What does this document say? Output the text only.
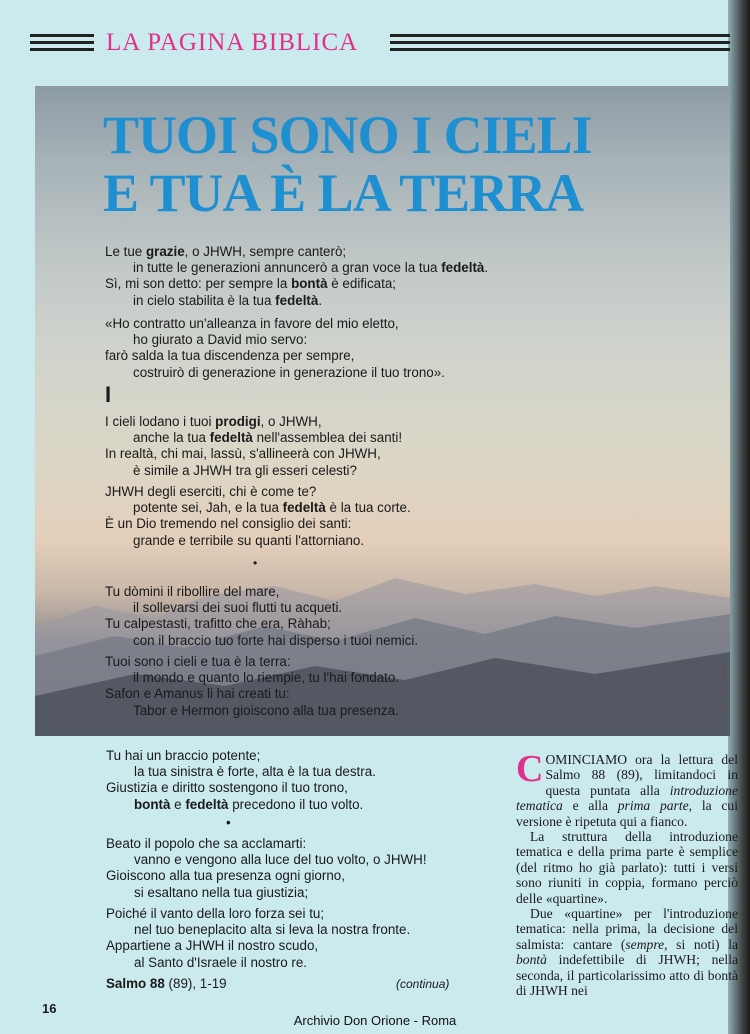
LA PAGINA BIBLICA
TUOI SONO I CIELI
E TUA È LA TERRA

Le tue grazie, o JHWH, sempre canterò;

in tutte le generazioni annuncerò a gran voce la tua fedeltà.

Sì, mi son detto: per sempre la bontà è edificata;

in cielo stabilita è la tua fedeltà.

«Ho contratto un'alleanza in favore del mio eletto,

ho giurato a David mio servo:

farò salda la tua discendenza per sempre,

costruirò di generazione in generazione il tuo trono».

I

I cieli lodano i tuoi prodigi, o JHWH,

anche la tua fedeltà nell'assemblea dei santi!

In realtà, chi mai, lassù, s'allineerà con JHWH,

è simile a JHWH tra gli esseri celesti?

JHWH degli eserciti, chi è come te?

potente sei, Jah, e la tua fedeltà è la tua corte.

È un Dio tremendo nel consiglio dei santi:

grande e terribile su quanti l'attorniano.

•

Tu dòmini il ribollire del mare,

il sollevarsi dei suoi flutti tu acqueti.

Tu calpestasti, trafitto che era, Ràhab;

con il braccio tuo forte hai disperso i tuoi nemici.

Tuoi sono i cieli e tua è la terra:

il mondo e quanto lo riempie, tu l'hai fondato.

Safon e Amanus li hai creati tu:

Tabor e Hermon gioiscono alla tua presenza.	Foto F. Voghera

Tu hai un braccio potente;

la tua sinistra è forte, alta è la tua destra.

Giustizia e diritto sostengono il tuo trono,

bontà e fedeltà precedono il tuo volto.

•

Beato il popolo che sa acclamarti:

vanno e vengono alla luce del tuo volto, o JHWH!

Gioiscono alla tua presenza ogni giorno,

si esaltano nella tua giustizia;

Poiché il vanto della loro forza sei tu;

nel tuo beneplacito alta si leva la nostra fronte.

Appartiene a JHWH il nostro scudo,

al Santo d'Israele il nostro re.

Salmo 88 (89), 1-19	(continua)

COMINCIAMO ora la lettura del Salmo 88 (89), limitandoci in questa puntata alla introduzione tematica e alla prima parte, la cui versione è ripetuta qui a fianco.

La struttura della introduzione tematica e della prima parte è semplice (del ritmo ho già parlato): tutti i versi sono riuniti in coppia, formano perciò delle «quartine».

Due «quartine» per l'introduzione tematica: nella prima, la decisione del salmista: cantare (sempre, si noti) la bontà indefettibile di JHWH; nella seconda, il particolarissimo atto di bontà di JHWH nei

16
Archivio Don Orione - Roma
